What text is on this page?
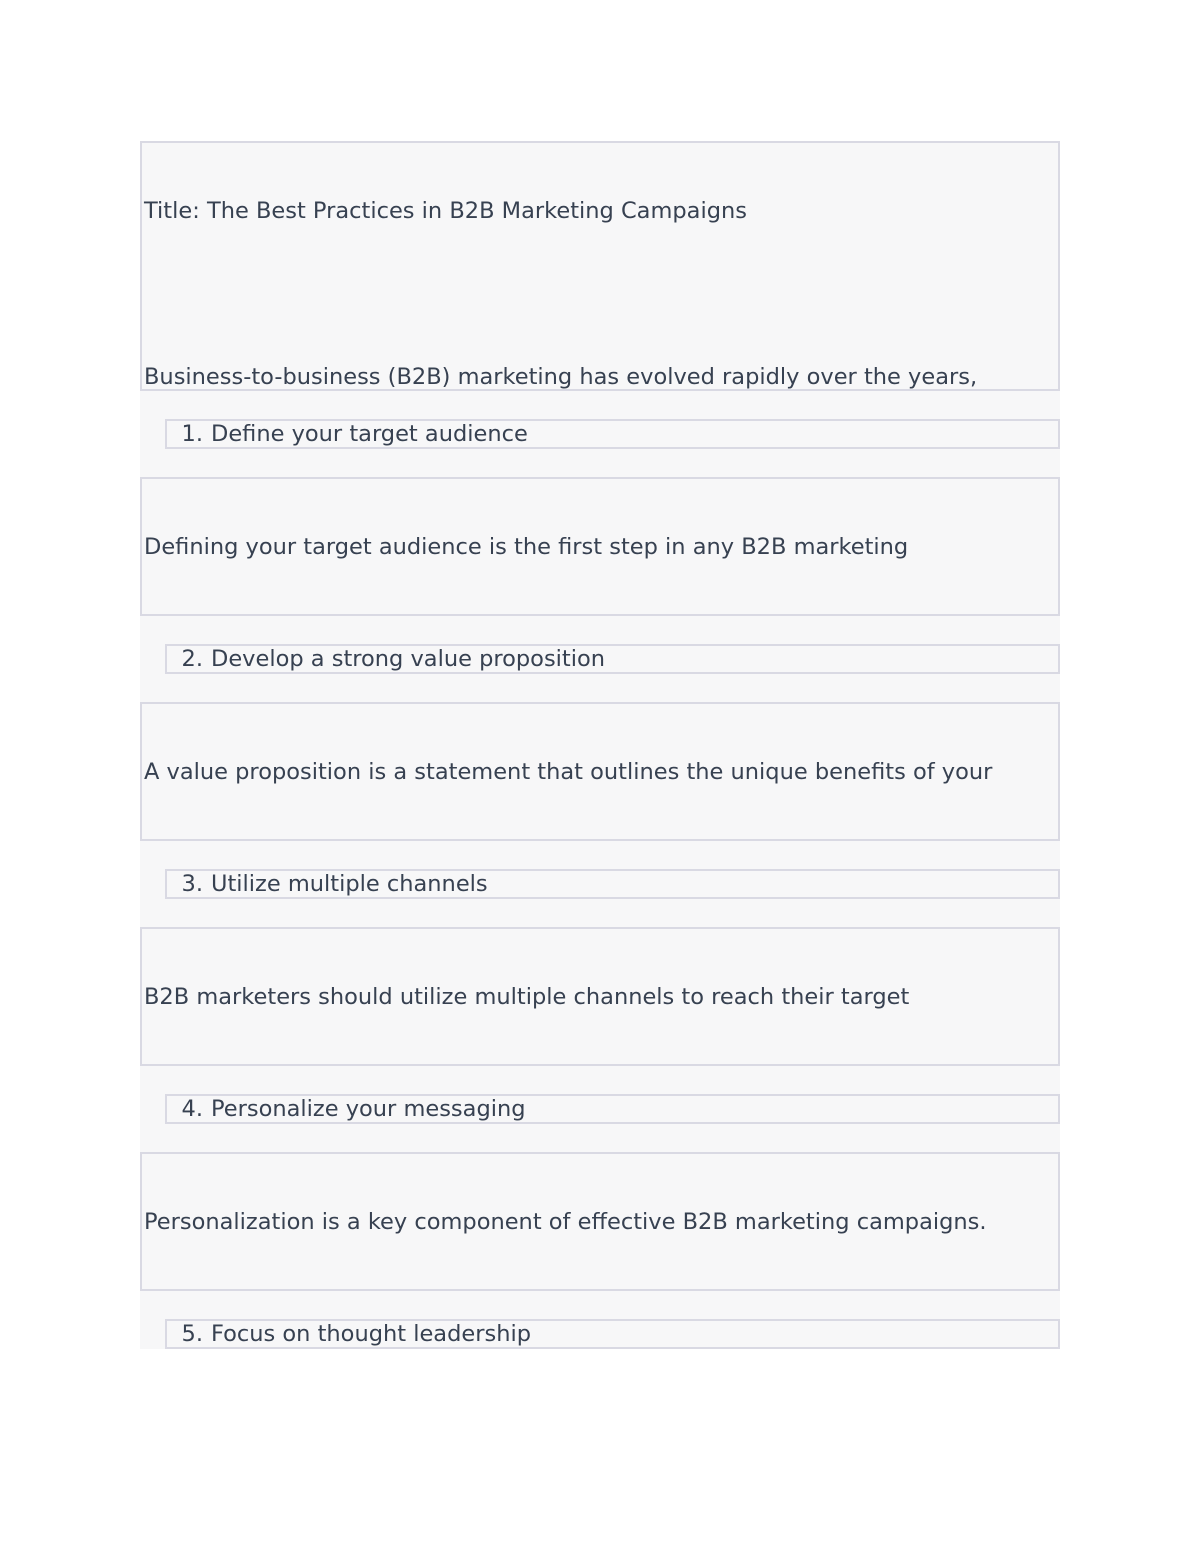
Title: The Best Practices in B2B Marketing Campaigns

Business-to-business (B2B) marketing has evolved rapidly over the years,

1. Define your target audience

Defining your target audience is the first step in any B2B marketing

2. Develop a strong value proposition

A value proposition is a statement that outlines the unique benefits of your

3. Utilize multiple channels

B2B marketers should utilize multiple channels to reach their target

4. Personalize your messaging

Personalization is a key component of effective B2B marketing campaigns.

5. Focus on thought leadership
